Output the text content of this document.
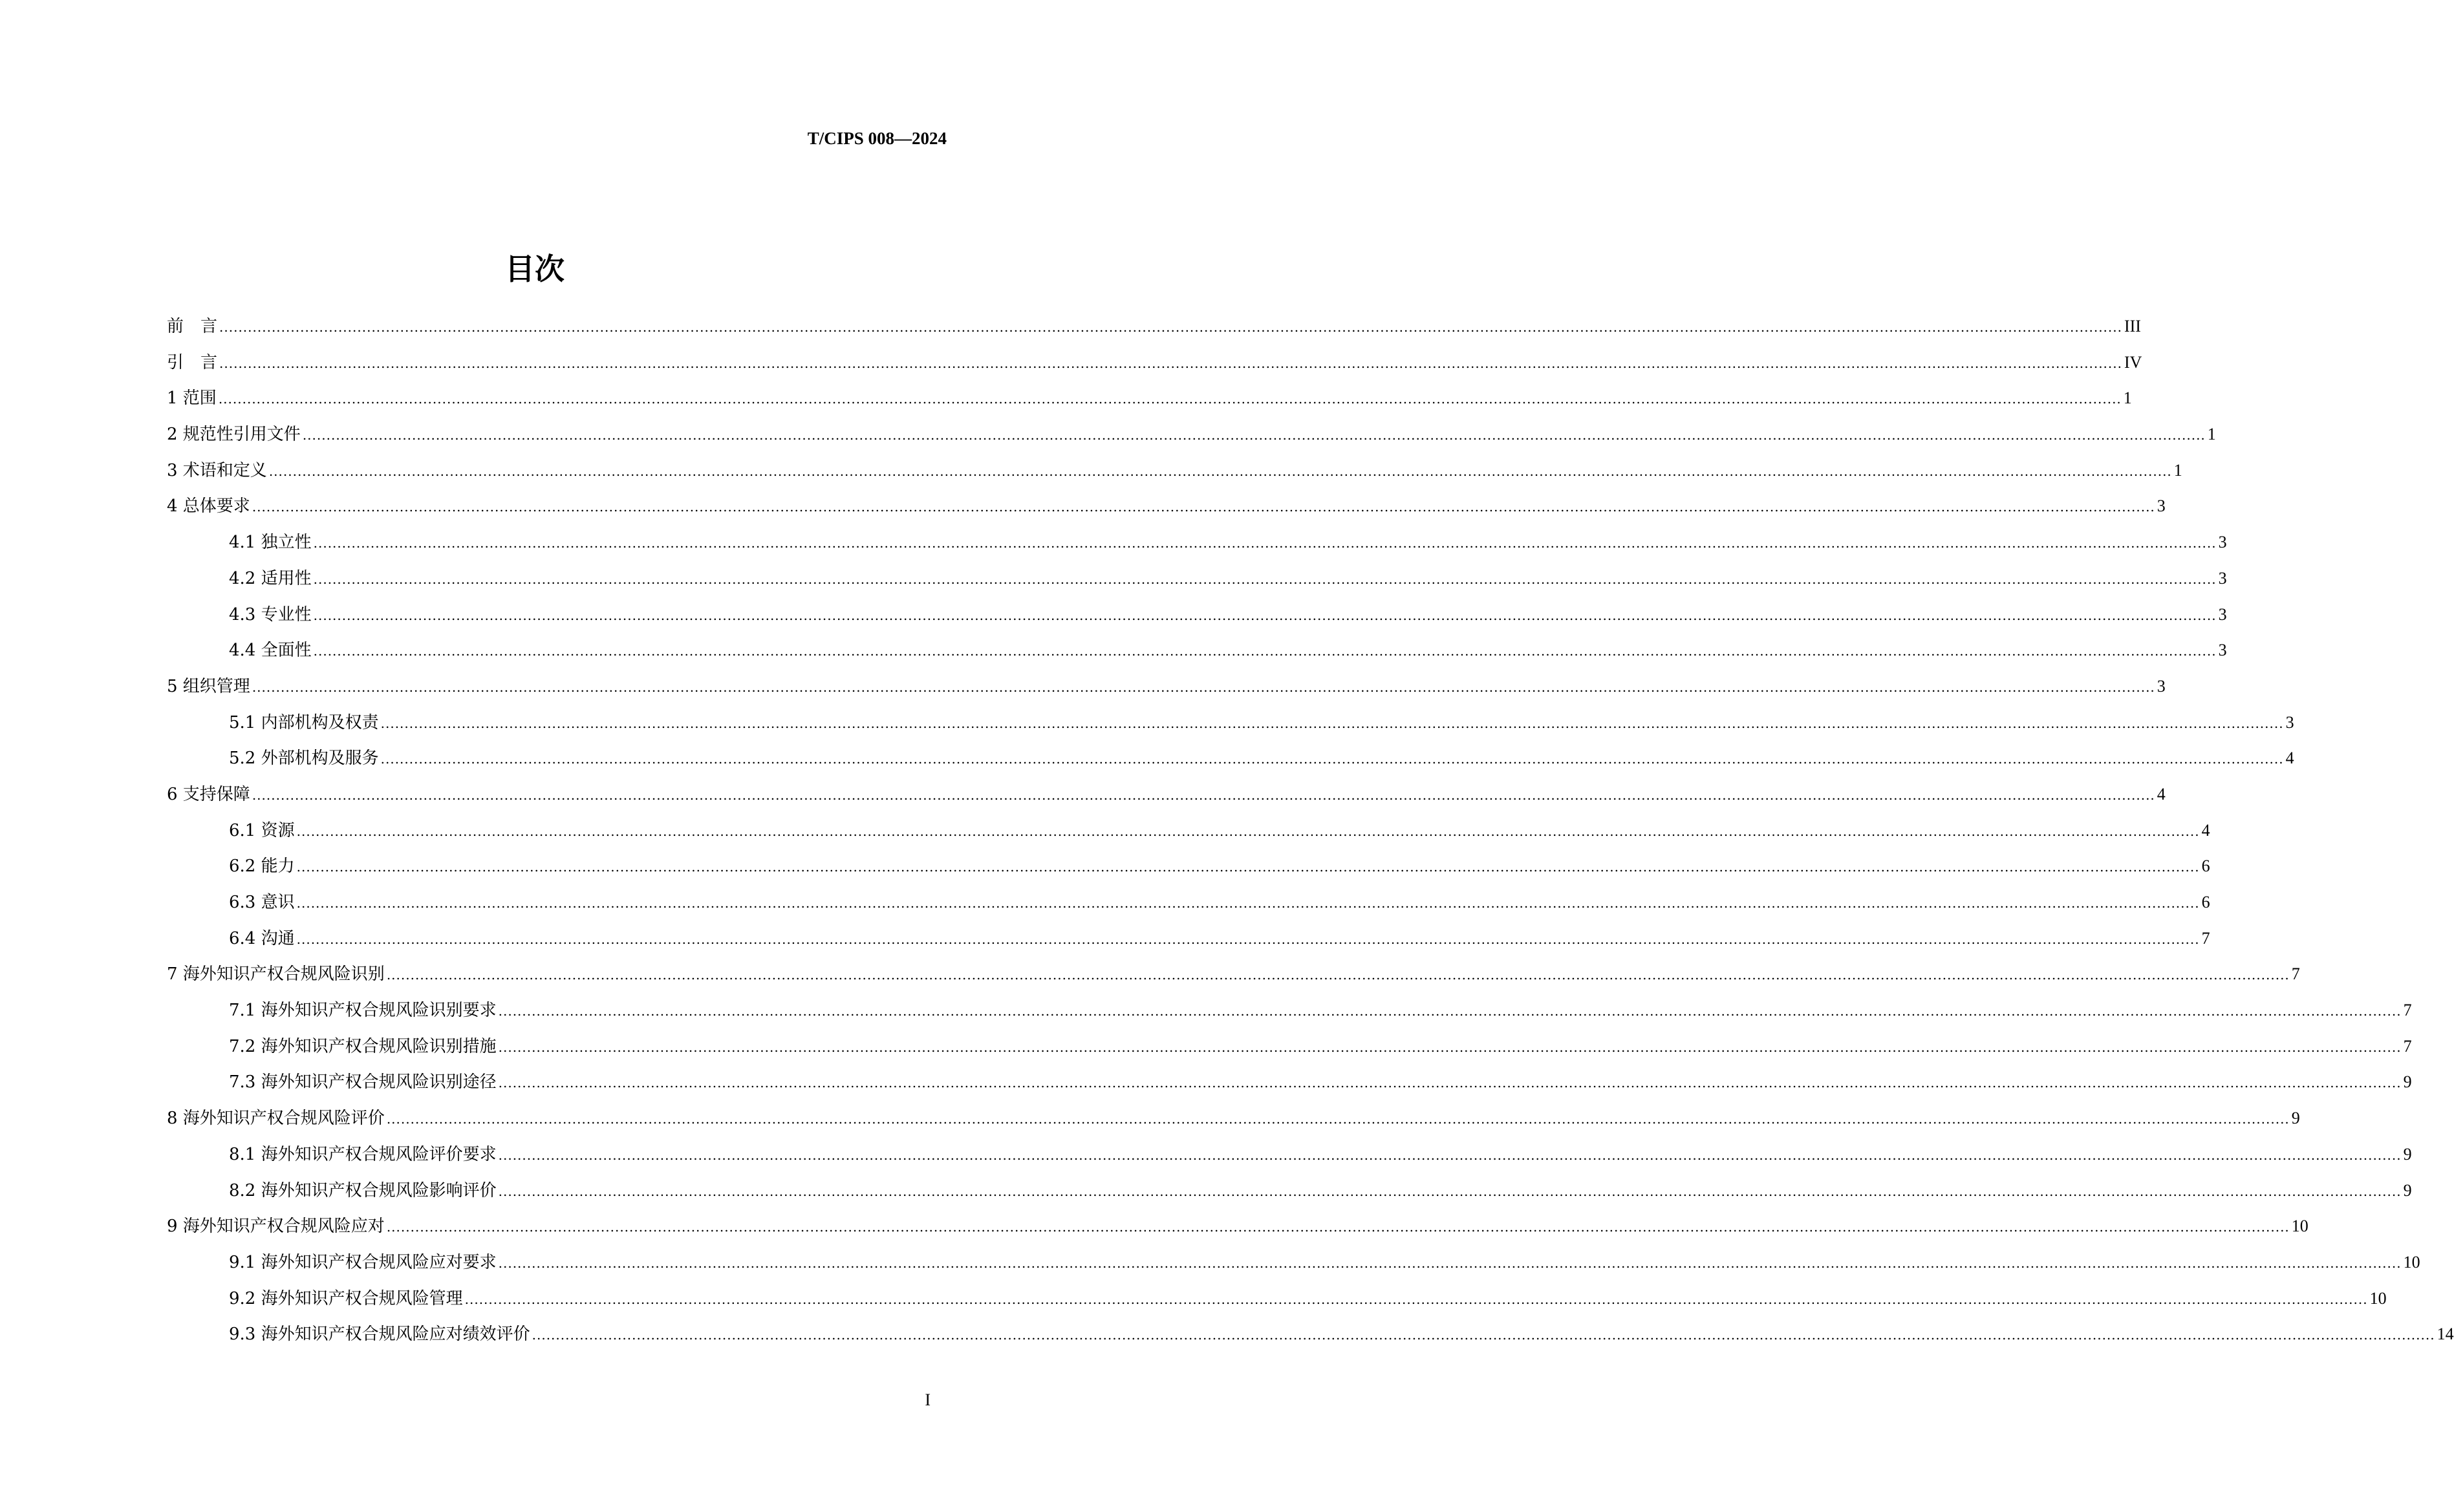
T/CIPS 008—2024
目次
前　言 ................................................................................................................................................................................................................................................................................................................................................................................................................ III
引　言 ................................................................................................................................................................................................................................................................................................................................................................................................................ IV
1 范围 ................................................................................................................................................................................................................................................................................................................................................................................................................ 1
2 规范性引用文件 ................................................................................................................................................................................................................................................................................................................................................................................................................ 1
3 术语和定义 ................................................................................................................................................................................................................................................................................................................................................................................................................ 1
4 总体要求 ................................................................................................................................................................................................................................................................................................................................................................................................................ 3
4.1 独立性 ................................................................................................................................................................................................................................................................................................................................................................................................................ 3
4.2 适用性 ................................................................................................................................................................................................................................................................................................................................................................................................................ 3
4.3 专业性 ................................................................................................................................................................................................................................................................................................................................................................................................................ 3
4.4 全面性 ................................................................................................................................................................................................................................................................................................................................................................................................................ 3
5 组织管理 ................................................................................................................................................................................................................................................................................................................................................................................................................ 3
5.1 内部机构及权责 ................................................................................................................................................................................................................................................................................................................................................................................................................ 3
5.2 外部机构及服务 ................................................................................................................................................................................................................................................................................................................................................................................................................ 4
6 支持保障 ................................................................................................................................................................................................................................................................................................................................................................................................................ 4
6.1 资源 ................................................................................................................................................................................................................................................................................................................................................................................................................ 4
6.2 能力 ................................................................................................................................................................................................................................................................................................................................................................................................................ 6
6.3 意识 ................................................................................................................................................................................................................................................................................................................................................................................................................ 6
6.4 沟通 ................................................................................................................................................................................................................................................................................................................................................................................................................ 7
7 海外知识产权合规风险识别 ................................................................................................................................................................................................................................................................................................................................................................................................................ 7
7.1 海外知识产权合规风险识别要求 ................................................................................................................................................................................................................................................................................................................................................................................................................ 7
7.2 海外知识产权合规风险识别措施 ................................................................................................................................................................................................................................................................................................................................................................................................................ 7
7.3 海外知识产权合规风险识别途径 ................................................................................................................................................................................................................................................................................................................................................................................................................ 9
8 海外知识产权合规风险评价 ................................................................................................................................................................................................................................................................................................................................................................................................................ 9
8.1 海外知识产权合规风险评价要求 ................................................................................................................................................................................................................................................................................................................................................................................................................ 9
8.2 海外知识产权合规风险影响评价 ................................................................................................................................................................................................................................................................................................................................................................................................................ 9
9 海外知识产权合规风险应对 ................................................................................................................................................................................................................................................................................................................................................................................................................ 10
9.1 海外知识产权合规风险应对要求 ................................................................................................................................................................................................................................................................................................................................................................................................................ 10
9.2 海外知识产权合规风险管理 ................................................................................................................................................................................................................................................................................................................................................................................................................ 10
9.3 海外知识产权合规风险应对绩效评价 ................................................................................................................................................................................................................................................................................................................................................................................................................ 14
I
